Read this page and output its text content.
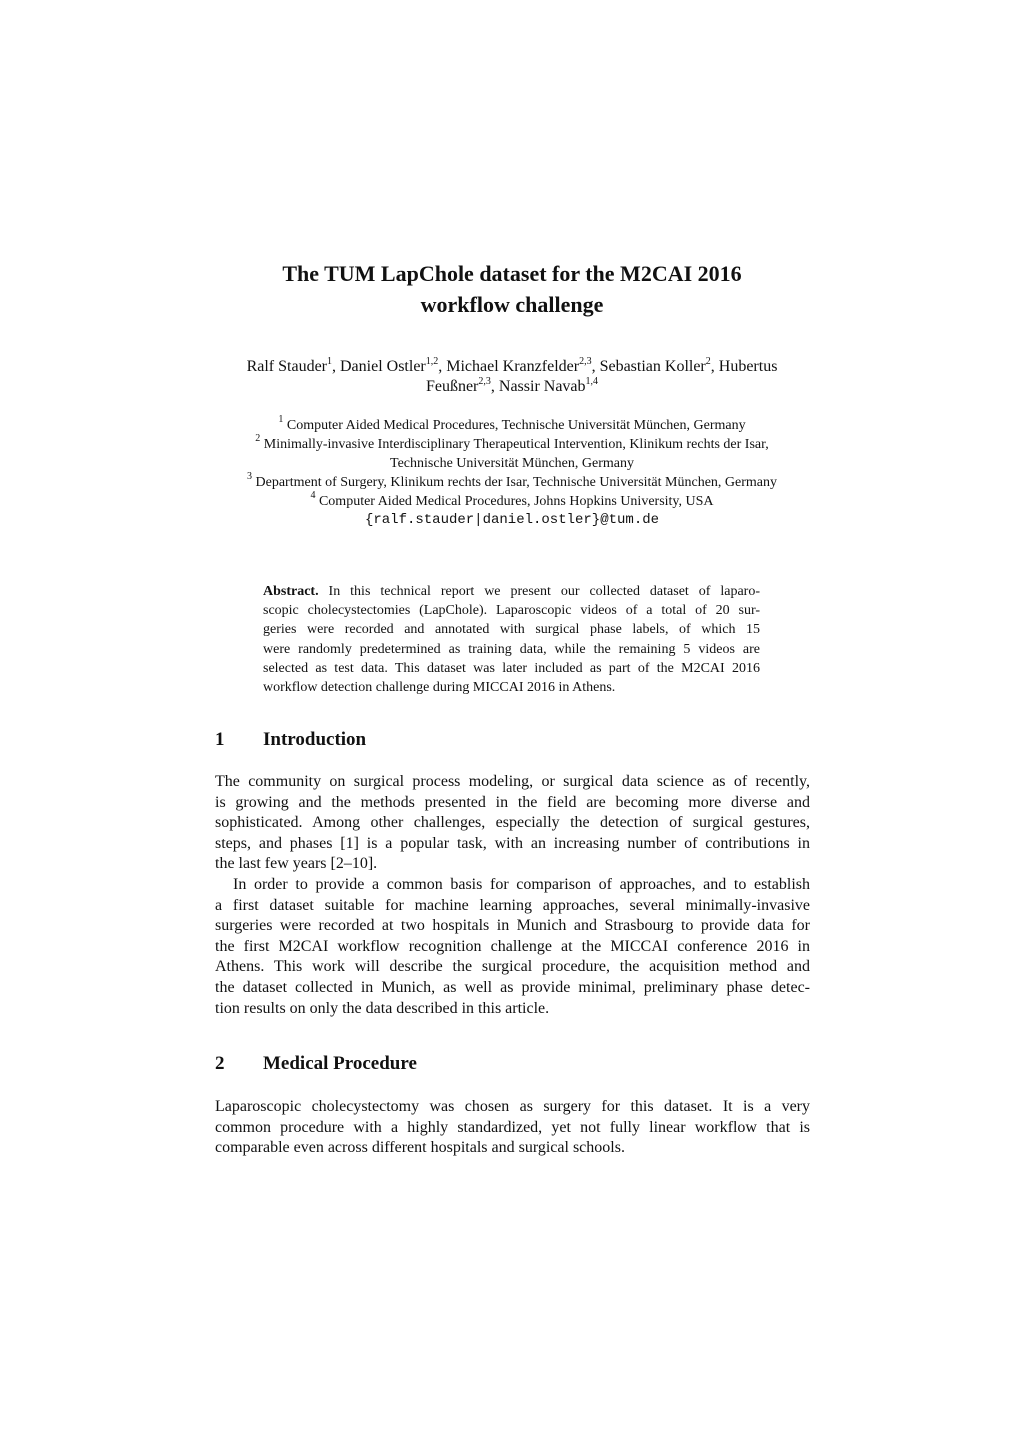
The TUM LapChole dataset for the M2CAI 2016
workflow challenge
Ralf Stauder$^1$, Daniel Ostler$^{1,2}$, Michael Kranzfelder$^{2,3}$, Sebastian Koller$^2$, Hubertus
Feußner$^{2,3}$, Nassir Navab$^{1,4}$
$^1$ Computer Aided Medical Procedures, Technische Universität München, Germany
$^2$ Minimally-invasive Interdisciplinary Therapeutical Intervention, Klinikum rechts der Isar,
Technische Universität München, Germany
$^3$ Department of Surgery, Klinikum rechts der Isar, Technische Universität München, Germany
$^4$ Computer Aided Medical Procedures, Johns Hopkins University, USA
{ralf.stauder|daniel.ostler}@tum.de
Abstract. In this technical report we present our collected dataset of laparo-
scopic cholecystectomies (LapChole). Laparoscopic videos of a total of 20 sur-
geries were recorded and annotated with surgical phase labels, of which 15
were randomly predetermined as training data, while the remaining 5 videos are
selected as test data. This dataset was later included as part of the M2CAI 2016
workflow detection challenge during MICCAI 2016 in Athens.
1 Introduction
The community on surgical process modeling, or surgical data science as of recently,
is growing and the methods presented in the field are becoming more diverse and
sophisticated. Among other challenges, especially the detection of surgical gestures,
steps, and phases [1] is a popular task, with an increasing number of contributions in
the last few years [2–10].
In order to provide a common basis for comparison of approaches, and to establish
a first dataset suitable for machine learning approaches, several minimally-invasive
surgeries were recorded at two hospitals in Munich and Strasbourg to provide data for
the first M2CAI workflow recognition challenge at the MICCAI conference 2016 in
Athens. This work will describe the surgical procedure, the acquisition method and
the dataset collected in Munich, as well as provide minimal, preliminary phase detec-
tion results on only the data described in this article.
2 Medical Procedure
Laparoscopic cholecystectomy was chosen as surgery for this dataset. It is a very
common procedure with a highly standardized, yet not fully linear workflow that is
comparable even across different hospitals and surgical schools.
